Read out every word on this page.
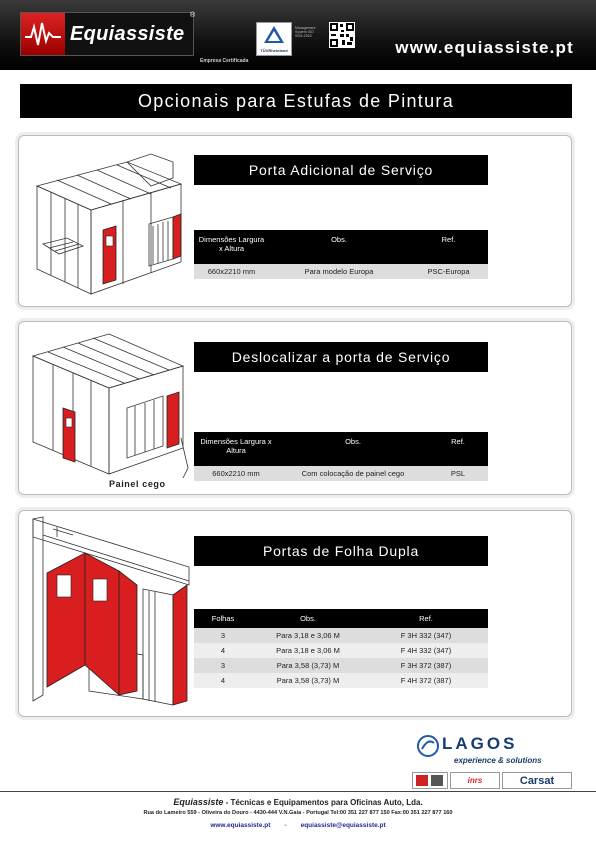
Equiassiste
®
Empresa Certificada
TÜVRheinland
Management System ISO 9001:2015
www.equiassiste.pt
Opcionais para Estufas de Pintura
Porta Adicional de Serviço
Dimensões Largura x Altura	Obs.	Ref.
660x2210 mm	Para modelo Europa	PSC-Europa
Painel cego
Deslocalizar a porta de Serviço
Dimensões Largura x Altura	Obs.	Ref.
660x2210 mm	Com colocação de painel cego	PSL
Portas de Folha Dupla
Folhas	Obs.	Ref.
3	Para 3,18 e 3,06 M	F 3H 332 (347)
4	Para 3,18 e 3,06 M	F 4H 332 (347)
3	Para 3,58 (3,73) M	F 3H 372 (387)
4	Para 3,58 (3,73) M	F 4H 372 (387)
LAGOS
experience & solutions
inrs	Carsat
Equiassiste - Técnicas e Equipamentos para Oficinas Auto, Lda.
Rua do Lameiro 559 - Oliveira do Douro - 4430-444 V.N.Gaia - Portugal Tel:00 351 227 877 150 Fax:00 351 227 877 160
www.equiassiste.pt - equiassiste@equiassiste.pt
